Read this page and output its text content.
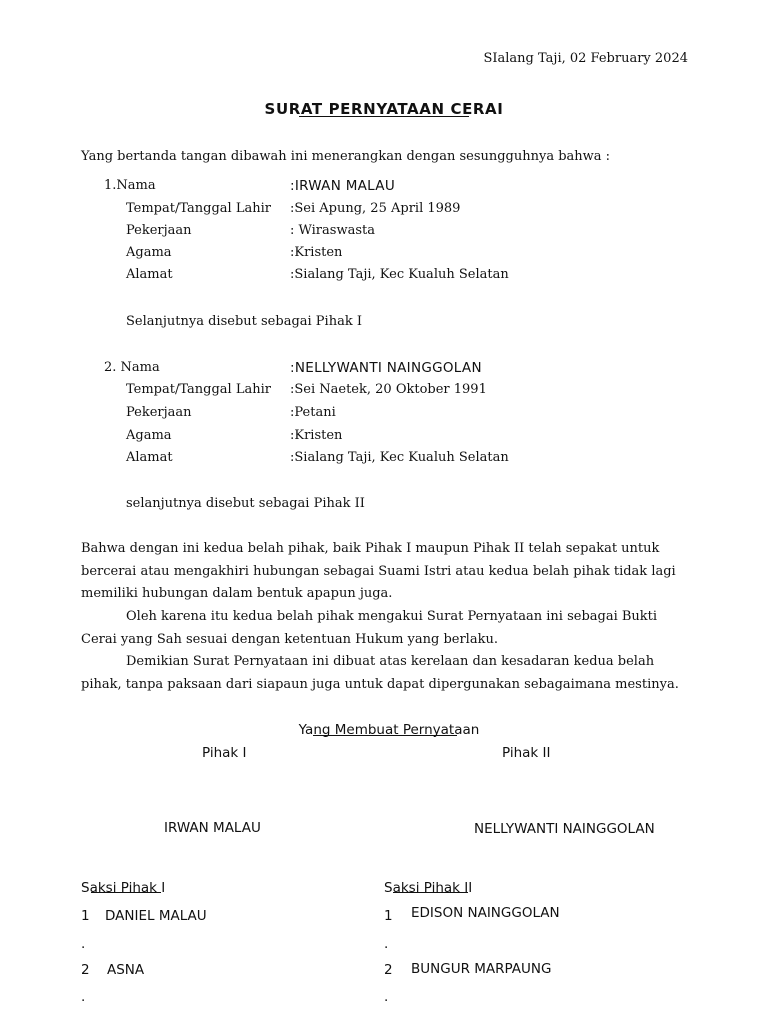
SIalang Taji, 02 February 2024
SURAT PERNYATAAN CERAI
Yang bertanda tangan dibawah ini menerangkan dengan sesungguhnya bahwa :
1.Nama	:IRWAN MALAU
Tempat/Tanggal Lahir :Sei Apung, 25 April 1989
Pekerjaan	: Wiraswasta
Agama	:Kristen
Alamat	:Sialang Taji, Kec Kualuh Selatan
Selanjutnya disebut sebagai Pihak I
2. Nama	:NELLYWANTI NAINGGOLAN
Tempat/Tanggal Lahir :Sei Naetek, 20 Oktober 1991
Pekerjaan	:Petani
Agama	:Kristen
Alamat	:Sialang Taji, Kec Kualuh Selatan
selanjutnya disebut sebagai Pihak II
Bahwa dengan ini kedua belah pihak, baik Pihak I maupun Pihak II telah sepakat untuk bercerai atau mengakhiri hubungan sebagai Suami Istri atau kedua belah pihak tidak lagi memiliki hubungan dalam bentuk apapun juga.
Oleh karena itu kedua belah pihak mengakui Surat Pernyataan ini sebagai Bukti Cerai yang Sah sesuai dengan ketentuan Hukum yang berlaku.
Demikian Surat Pernyataan ini dibuat atas kerelaan dan kesadaran kedua belah pihak, tanpa paksaan dari siapaun juga untuk dapat dipergunakan sebagaimana mestinya.
Yang Membuat Pernyataan
Pihak I	Pihak II
IRWAN MALAU	NELLYWANTI NAINGGOLAN
Saksi Pihak I
1 DANIEL MALAU
.
2 ASNA
.
Saksi Pihak II
1 EDISON NAINGGOLAN
.
2 BUNGUR MARPAUNG
.
